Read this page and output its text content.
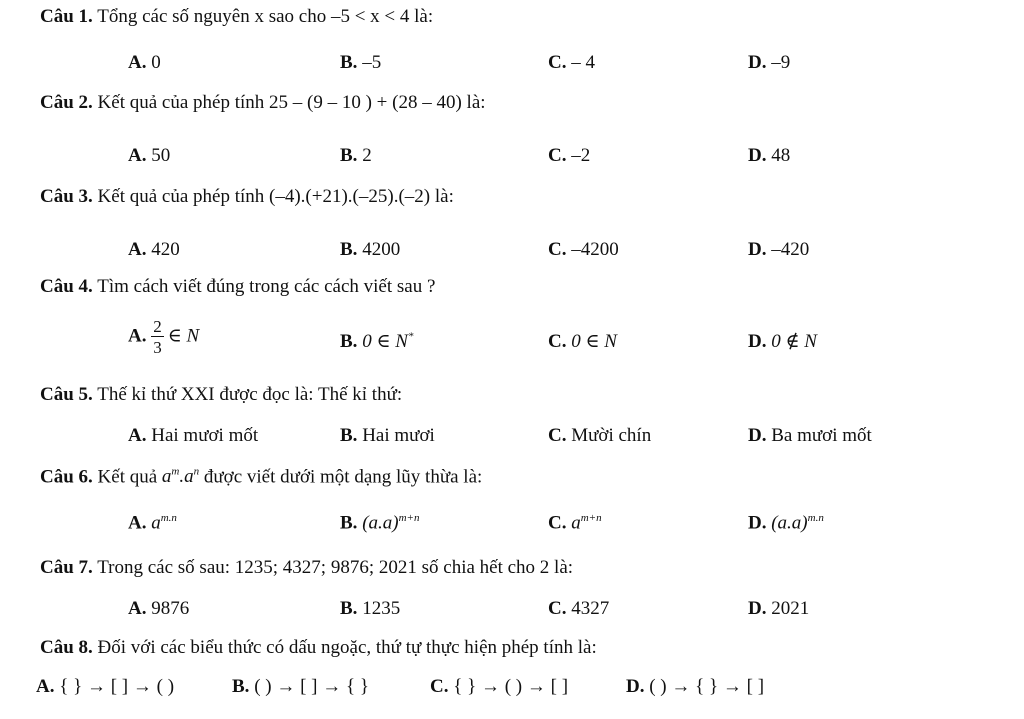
Câu 1. Tổng các số nguyên x sao cho –5 < x < 4 là:
A. 0	B. –5	C. – 4	D. –9
Câu 2. Kết quả của phép tính 25 – (9 – 10 ) + (28 – 40) là:
A. 50	B. 2	C. –2	D. 48
Câu 3. Kết quả của phép tính (–4).(+21).(–25).(–2) là:
A. 420	B. 4200	C. –4200	D. –420
Câu 4. Tìm cách viết đúng trong các cách viết sau ?
A. $\frac{2}{3}$ ∈ N	B. 0 ∈ N*	C. 0 ∈ N	D. 0 ∉ N
Câu 5. Thế kỉ thứ XXI được đọc là: Thế kỉ thứ:
A. Hai mươi mốt	B. Hai mươi	C. Mười chín	D. Ba mươi mốt
Câu 6. Kết quả $a^m.a^n$ được viết dưới một dạng lũy thừa là:
A. $a^{m.n}$	B. $(a.a)^{m+n}$	C. $a^{m+n}$	D. $(a.a)^{m.n}$
Câu 7. Trong các số sau: 1235; 4327; 9876; 2021 số chia hết cho 2 là:
A. 9876	B. 1235	C. 4327	D. 2021
Câu 8. Đối với các biểu thức có dấu ngoặc, thứ tự thực hiện phép tính là:
A. { } → [ ] → ( )	B. ( ) → [ ] → { }	C. { } → ( ) → [ ]	D. ( ) → { } → [ ]
